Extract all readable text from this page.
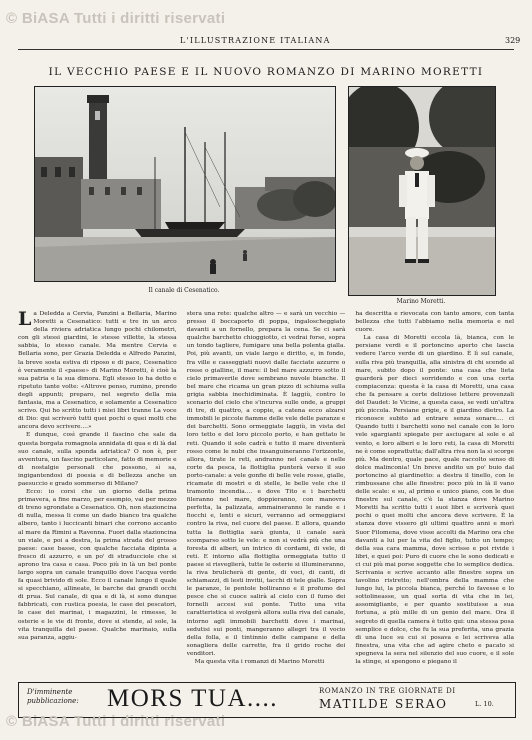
© BiASA Tutti i diritti riservati
L'ILLUSTRAZIONE ITALIANA	329
IL VECCHIO PAESE E IL NUOVO ROMANZO DI MARINO MORETTI
Il canale di Cesenatico.
Marino Moretti.

La Deledda a Cervia, Panzini a Bellaria, Marino Moretti a Cesenatico: tutti e tre in un arco della riviera adriatica lungo pochi chilometri, con gli stessi giardini, le stesse villette, la stessa sabbia, lo stesso canale. Ma mentre Cervia e Bellaria sono, per Grazia Deledda e Alfredo Panzini, la breve sosta estiva di riposo e di pace, Cesenatico è veramente il «paese» di Marino Moretti, è cioè la sua patria e la sua dimora. Egli stesso lo ha detto e ripetuto tante volte: «Altrove penso, rumino, prendo degli appunti; preparo, nel segreto della mia fantasia, ma a Cesenatico, e solamente a Cesenatico scrivo. Qui ho scritto tutti i miei libri tranne La voce di Dio: qui scriverò tutti quei pochi o quei molti che ancora devo scrivere....»

E dunque, così grande il fascino che sale da questa borgata romagnola annidata di qua e di là dal suo canale, sulla sponda adriatica? O non è, per avventura, un fascino particolare, fatto di memorie e di nostalgie personali che possono, sì sa, ingigantendosi di poesia e di bellezza anche un paesuccio e grado sommerso di Milano?

Ecco: io corsi che un giorno della prima primavera, a fine marzo, per esempio, vai per mezzo di treno sgrondate a Cesenatico. Oh, non stazioncina di nulla, messa li come un dado bianco tra qualche albero, tanto i luccicanti binari che corrono accanto al mare da Rimini a Ravenna. Fuori dalla stazioncina un viale, e poi a destra, la prima strada del grosso paese: case basse, con qualche facciata dipinta a fresco di azzurro, e un po' di straducciole che si aprono tra casa e casa. Poco più in là un bel ponte largo sopra un canale tranquillo dove l'acqua verde fa quasi brivido di sole. Ecco il canale lungo il quale si specchiano, allineate, le barche dai grandi occhi di prua. Sul canale, di qua e di là, si sono dunque fabbricati, con rustica poesia, le case dei pescatori, le case dei marinai, i magazzini, le rimesse, le osterie e le vie di fronte, dove si stende, al sole, la vita tranquilla del paese. Qualche marinaio, sulla sua paranza, aggiu-

stera una rete: qualche altro — e sarà un vecchio — presso il boccaporto di poppa, ingaloscheggiato davanti a un fornello, prepara la cena. Se ci sarà qualche barchetto chioggiotto, ci vedrai forse, sopra un tondo tagliere, fumigare una bella polenta gialla. Poi, più avanti, un viale largo e diritto, e, in fondo, fra ville e casseggiati nuovi dalle facciate azzurre o rosse o gialline, il mare: il bel mare azzurro sotto il cielo primaverile dove sembrano nuvole bianche. Il bel mare che ricama un gran pizzo di schiuma sulla grigia sabbia inechidiminata. È laggiù, contro lo scenario del cielo che s'incurva sulle onde, a gruppi di tre, di quattro, a coppie, a catena ecco alzarsi immobili le piccole fiamme delle vele delle paranze e dei barchetti. Sono ormeggiate laggiù, in vista del loro tetto e del loro piccolo porto, e han gettato le reti. Quando il sole cadrà e tutto il mare diventerà rosso come le nubi che insanguineranno l'orizzonte, allora, tirate le reti, andranno nel canale e nelle corte da pesca, la flottiglia punterà verso il suo porto-canale: a vele gonfie di belle vele rosse, gialle, ricamate di mostri e di stelle, le belle vele che il tramonto incendia.... e dove Tito e i barchetti fileranno nel mare, doppieranno, con manovra perfetta, la palizzata, ammaineranno le rande e i fiocchi e, lenti e sicuri, verranno ad ormeggiarsi contro la riva, nel cuore del paese. E allora, quando tutta la flottiglia sarà giunta, il canale sarà scomparso sotto le vele: e non si vedrà più che una foresta di alberi, un intrico di cordami, di vele, di reti. E intorno alla flottiglia ormeggiata tutto il paese si risveglierà, tutte le osterie si illumineranno, la riva brulicherà di gente, di voci, di canti, di schiamazzi, di lesti invitii, tacchi di tele gialle. Sopra le paranze, le pentole bolliranno e il profumo del pesce che si cuoce salirà al cielo con il fumo dei fornelli accesi sul ponte. Tutto una vita caratteristica si svolgerà allora sulla riva del canale, intorno agli immobili barchetti dove i marinai, sedutisi sui ponti, mangeranno allegri tra il vocio della folla, e il tintinnio delle campane e della sonagliera delle carrette, fra il grido roche dei venditori.

Ma questa vita i romanzi di Marino Moretti

ha descritta e rievocata con tanto amore, con tanta bellezza che tutti l'abbiamo nella memoria e nel cuore.

La casa di Moretti eccola là, bianca, con le persiane verdi e il portoncino aperto che lascia vedere l'arco verde di un giardino. È lì sul canale, sulla riva più tranquilla, alla sinistra di chi scende al mare, subito dopo il ponte: una casa che lieta guarderà per dieci sorridendo e con una certa compiacenza: questa è la casa di Moretti, una casa che fa pensare a certe deliziose lettere provenzali del Daudet: le Vicine, a questa casa, se vedi un'altra più piccola. Persiane grigie, e il giardino dietro. La riconosce subito ad entrare senza sonare.... ci Quando tutti i barchetti sono nel canale con le loro vele sgargianti spiegate per asciugare al sole e al vento, e loro alberi e le loro reti, la casa di Moretti ne è come soprattutta; dall'altra riva non la si scorge più. Ma dentro, quale pace, quale raccolto senso di dolce malinconia! Un breve andito un po' buio dal portoncino al giardinetto: a destra il tinello, con le rimbussane che alle finestre: poco più in là il vano delle scale: e su, al primo e unico piano, con le due finestre sul canale, c'è la stanza dove Marino Moretti ha scritto tutti i suoi libri e scriverà quei pochi o quei molti che ancora deve scrivere. È la stanza dove vissero gli ultimi quattro anni e morì Suor Filomena, dove visse accolti da Marino ora che davanti a lui per la vita del figlio, tutto un tempo; della sua cara mamma, dove scrisse e poi rivide i libri, e quei poi: Puro di cuore che le sono dedicati e ci cui più mai porse soggette che lo semplice dedica. Scrivania e scrive accanto alle finestre sopra un tavolino ristretto; nell'ombra della mamma che lungo lui, la piccola bianca, perché lo favesse e lo sottolineasse, un qual sorta di vita che in lei, assomigliante, e per quanto sostituisse a sua fortuna, a più mille di un genio del mare. Ora il segreto di quella camera è tutto qui: una stessa posa semplice e dolce, che fu la sua preferita, una grazia di una luce su cui si posava e lei scriveva alla finestra, una vita che ad agire cheto e pacato si spegneva la sera nel silenzio del suo cuore, e il sole la stinge, si spengono e piegano il

D'imminente
pubblicazione: MORS TUA....	ROMANZO IN TRE GIORNATE DI
MATILDE SERAO	L. 10.
© BiASA Tutti i diritti riservati
